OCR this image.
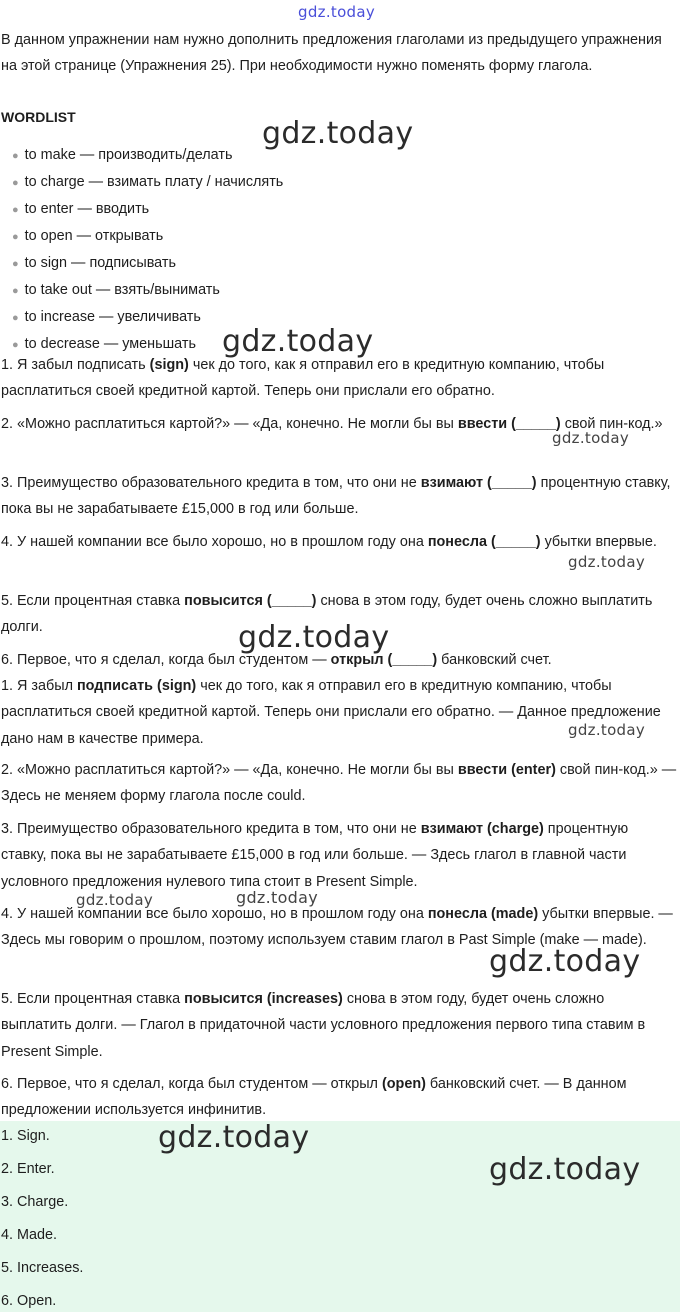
gdz.today
В данном упражнении нам нужно дополнить предложения глаголами из предыдущего упражнения на этой странице (Упражнения 25). При необходимости нужно поменять форму глагола.
WORDLIST
● to make — производить/делать
● to charge — взимать плату / начислять
● to enter — вводить
● to open — открывать
● to sign — подписывать
● to take out — взять/вынимать
● to increase — увеличивать
● to decrease — уменьшать
1. Я забыл подписать (sign) чек до того, как я отправил его в кредитную компанию, чтобы расплатиться своей кредитной картой. Теперь они прислали его обратно.
2. «Можно расплатиться картой?» — «Да, конечно. Не могли бы вы ввести (_____) свой пин-код.»
3. Преимущество образовательного кредита в том, что они не взимают (_____) процентную ставку, пока вы не зарабатываете £15,000 в год или больше.
4. У нашей компании все было хорошо, но в прошлом году она понесла (_____) убытки впервые.
5. Если процентная ставка повысится (_____) снова в этом году, будет очень сложно выплатить долги.
6. Первое, что я сделал, когда был студентом — открыл (_____) банковский счет.
1. Я забыл подписать (sign) чек до того, как я отправил его в кредитную компанию, чтобы расплатиться своей кредитной картой. Теперь они прислали его обратно. — Данное предложение дано нам в качестве примера.
2. «Можно расплатиться картой?» — «Да, конечно. Не могли бы вы ввести (enter) свой пин-код.» — Здесь не меняем форму глагола после could.
3. Преимущество образовательного кредита в том, что они не взимают (charge) процентную ставку, пока вы не зарабатываете £15,000 в год или больше. — Здесь глагол в главной части условного предложения нулевого типа стоит в Present Simple.
4. У нашей компании все было хорошо, но в прошлом году она понесла (made) убытки впервые. — Здесь мы говорим о прошлом, поэтому используем ставим глагол в Past Simple (make — made).
5. Если процентная ставка повысится (increases) снова в этом году, будет очень сложно выплатить долги. — Глагол в придаточной части условного предложения первого типа ставим в Present Simple.
6. Первое, что я сделал, когда был студентом — открыл (open) банковский счет. — В данном предложении используется инфинитив.
1. Sign.
2. Enter.
3. Charge.
4. Made.
5. Increases.
6. Open.
gdz.today
gdz.today
gdz.today
gdz.today
gdz.today
gdz.today
gdz.today	gdz.today
gdz.today
gdz.today
gdz.today
